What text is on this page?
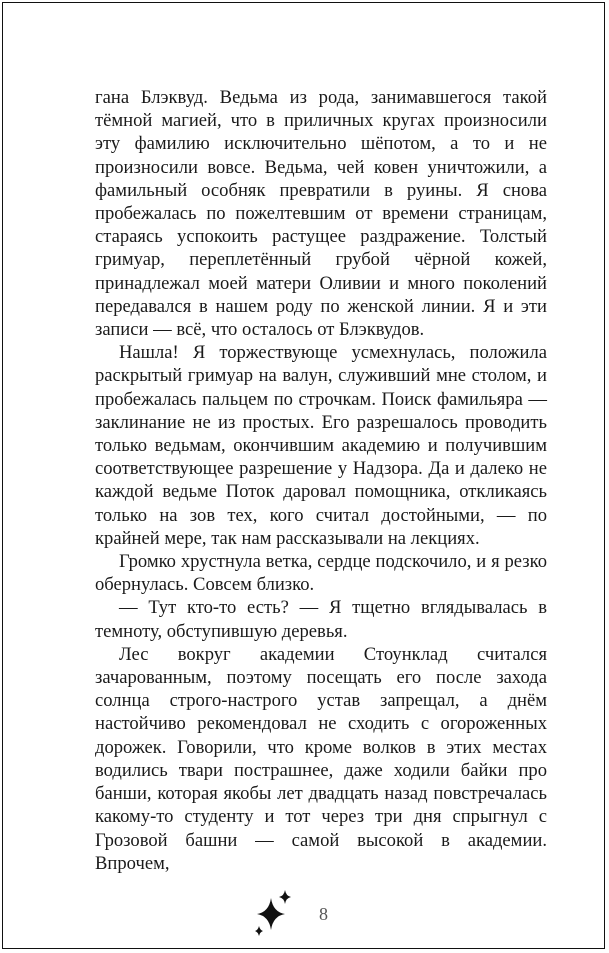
гана Блэквуд. Ведьма из рода, занимавшегося такой тёмной магией, что в приличных кругах произносили эту фамилию исключительно шёпотом, а то и не произносили вовсе. Ведьма, чей ковен уничтожили, а фамильный особняк превратили в руины. Я снова пробежалась по пожелтевшим от времени страницам, стараясь успокоить растущее раздражение. Толстый гримуар, переплетённый грубой чёрной кожей, принадлежал моей матери Оливии и много поколений передавался в нашем роду по женской линии. Я и эти записи — всё, что осталось от Блэквудов.

Нашла! Я торжествующе усмехнулась, положила раскрытый гримуар на валун, служивший мне столом, и пробежалась пальцем по строчкам. Поиск фамильяра — заклинание не из простых. Его разрешалось проводить только ведьмам, окончившим академию и получившим соответствующее разрешение у Надзора. Да и далеко не каждой ведьме Поток даровал помощника, откликаясь только на зов тех, кого считал достойными, — по крайней мере, так нам рассказывали на лекциях.

Громко хрустнула ветка, сердце подскочило, и я резко обернулась. Совсем близко.

— Тут кто-то есть? — Я тщетно вглядывалась в темноту, обступившую деревья.

Лес вокруг академии Стоунклад считался зачарованным, поэтому посещать его после захода солнца строго-настрого устав запрещал, а днём настойчиво рекомендовал не сходить с огороженных дорожек. Говорили, что кроме волков в этих местах водились твари пострашнее, даже ходили байки про банши, которая якобы лет двадцать назад повстречалась какому-то студенту и тот через три дня спрыгнул с Грозовой башни — самой высокой в академии. Впрочем,

8
